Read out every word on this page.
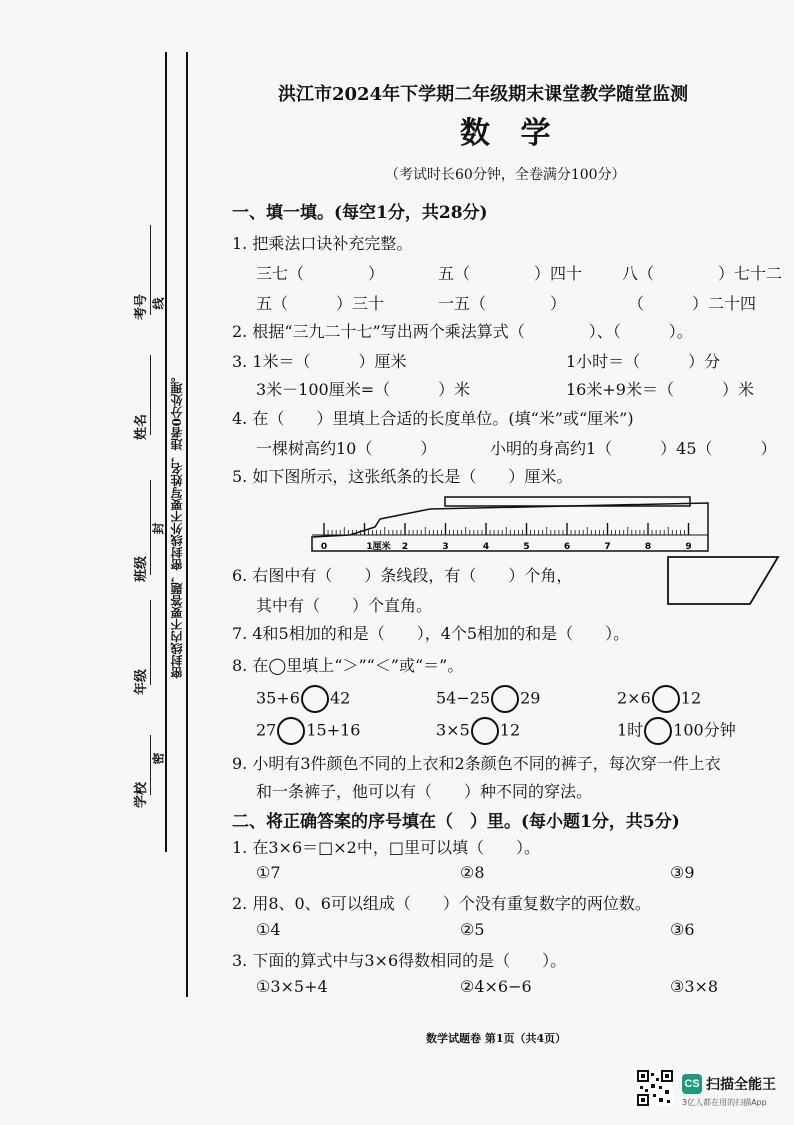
学校
密
年级
班级
封
姓名
考号 线
密封线内不要答题，密封线外不要写姓名，违者0分处理。
洪江市2024年下学期二年级期末课堂教学随堂监测
数 学
（考试时长60分钟，全卷满分100分）
一、填一填。(每空1分，共28分)
1. 把乘法口诀补充完整。
三七（　　　　）	五（　　　　）四十 八（　　　　）七十二
五（　　　）三十	一五（　　　　）	（　　　）二十四
2. 根据“三九二十七”写出两个乘法算式（　　　　）、（　　　）。
3. 1米＝（　　　）厘米	1小时＝（　　　）分
3米－100厘米=（　　　）米	16米+9米＝（　　　）米
4. 在（　　）里填上合适的长度单位。(填“米”或“厘米”)
一棵树高约10（　　　）	小明的身高约1（　　　）45（　　　）
5. 如下图所示，这张纸条的长是（　　）厘米。
0	1厘米 2	3	4	5	6	7	8	9
6. 右图中有（　　）条线段，有（　　）个角，
其中有（　　）个直角。
7. 4和5相加的和是（　　），4个5相加的和是（　　）。
8. 在◯里填上“＞”“＜”或“＝”。
35+6 42	54−25 29	2×6 12
27 15+16	3×5 12	1时 100分钟
9. 小明有3件颜色不同的上衣和2条颜色不同的裤子，每次穿一件上衣
和一条裤子，他可以有（　　）种不同的穿法。
二、将正确答案的序号填在（　）里。(每小题1分，共5分)
1. 在3×6＝□×2中，□里可以填（　　）。
①7	②8	③9
2. 用8、0、6可以组成（　　）个没有重复数字的两位数。
①4	②5	③6
3. 下面的算式中与3×6得数相同的是（　　）。
①3×5+4	②4×6−6	③3×8
数学试题卷 第1页（共4页）
CS 扫描全能王
3亿人都在用的扫描App
